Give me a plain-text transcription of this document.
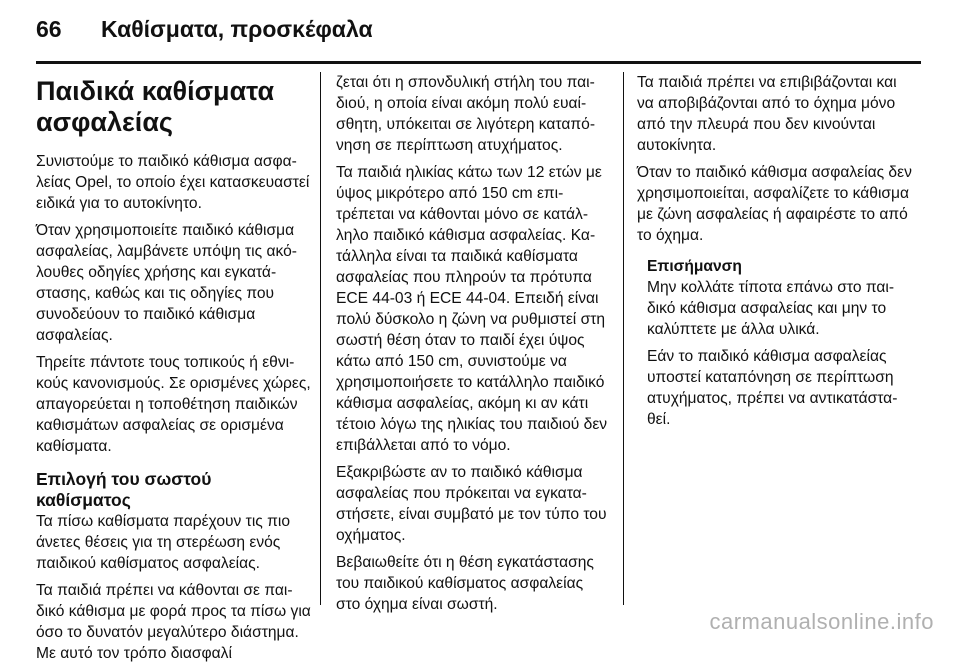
66 Καθίσματα, προσκέφαλα
Παιδικά καθίσματα
ασφαλείας

Συνιστούμε το παιδικό κάθισμα ασφαλείας Opel, το οποίο έχει κατασκευαστεί ειδικά για το αυτοκίνητο.

Όταν χρησιμοποιείτε παιδικό κάθισμα ασφαλείας, λαμβάνετε υπόψη τις ακόλουθες οδηγίες χρήσης και εγκατάστασης, καθώς και τις οδηγίες που συνοδεύουν το παιδικό κάθισμα ασφαλείας.

Τηρείτε πάντοτε τους τοπικούς ή εθνικούς κανονισμούς. Σε ορισμένες χώρες, απαγορεύεται η τοποθέτηση παιδικών καθισμάτων ασφαλείας σε ορισμένα καθίσματα.

Επιλογή του σωστού
καθίσματος

Τα πίσω καθίσματα παρέχουν τις πιο άνετες θέσεις για τη στερέωση ενός παιδικού καθίσματος ασφαλείας.

Τα παιδιά πρέπει να κάθονται σε παιδικό κάθισμα με φορά προς τα πίσω για όσο το δυνατόν μεγαλύτερο διάστημα. Με αυτό τον τρόπο διασφαλί

ζεται ότι η σπονδυλική στήλη του παιδιού, η οποία είναι ακόμη πολύ ευαίσθητη, υπόκειται σε λιγότερη καταπόνηση σε περίπτωση ατυχήματος.

Τα παιδιά ηλικίας κάτω των 12 ετών με ύψος μικρότερο από 150 cm επιτρέπεται να κάθονται μόνο σε κατάλληλο παιδικό κάθισμα ασφαλείας. Κατάλληλα είναι τα παιδικά καθίσματα ασφαλείας που πληρούν τα πρότυπα ECE 44-03 ή ECE 44-04. Επειδή είναι πολύ δύσκολο η ζώνη να ρυθμιστεί στη σωστή θέση όταν το παιδί έχει ύψος κάτω από 150 cm, συνιστούμε να χρησιμοποιήσετε το κατάλληλο παιδικό κάθισμα ασφαλείας, ακόμη κι αν κάτι τέτοιο λόγω της ηλικίας του παιδιού δεν επιβάλλεται από το νόμο.

Εξακριβώστε αν το παιδικό κάθισμα ασφαλείας που πρόκειται να εγκαταστήσετε, είναι συμβατό με τον τύπο του οχήματος.

Βεβαιωθείτε ότι η θέση εγκατάστασης του παιδικού καθίσματος ασφαλείας στο όχημα είναι σωστή.

Τα παιδιά πρέπει να επιβιβάζονται και να αποβιβάζονται από το όχημα μόνο από την πλευρά που δεν κινούνται αυτοκίνητα.

Όταν το παιδικό κάθισμα ασφαλείας δεν χρησιμοποιείται, ασφαλίζετε το κάθισμα με ζώνη ασφαλείας ή αφαιρέστε το από το όχημα.

Επισήμανση

Μην κολλάτε τίποτα επάνω στο παιδικό κάθισμα ασφαλείας και μην το καλύπτετε με άλλα υλικά.

Εάν το παιδικό κάθισμα ασφαλείας υποστεί καταπόνηση σε περίπτωση ατυχήματος, πρέπει να αντικατάσταθεί.

carmanualsonline.info
